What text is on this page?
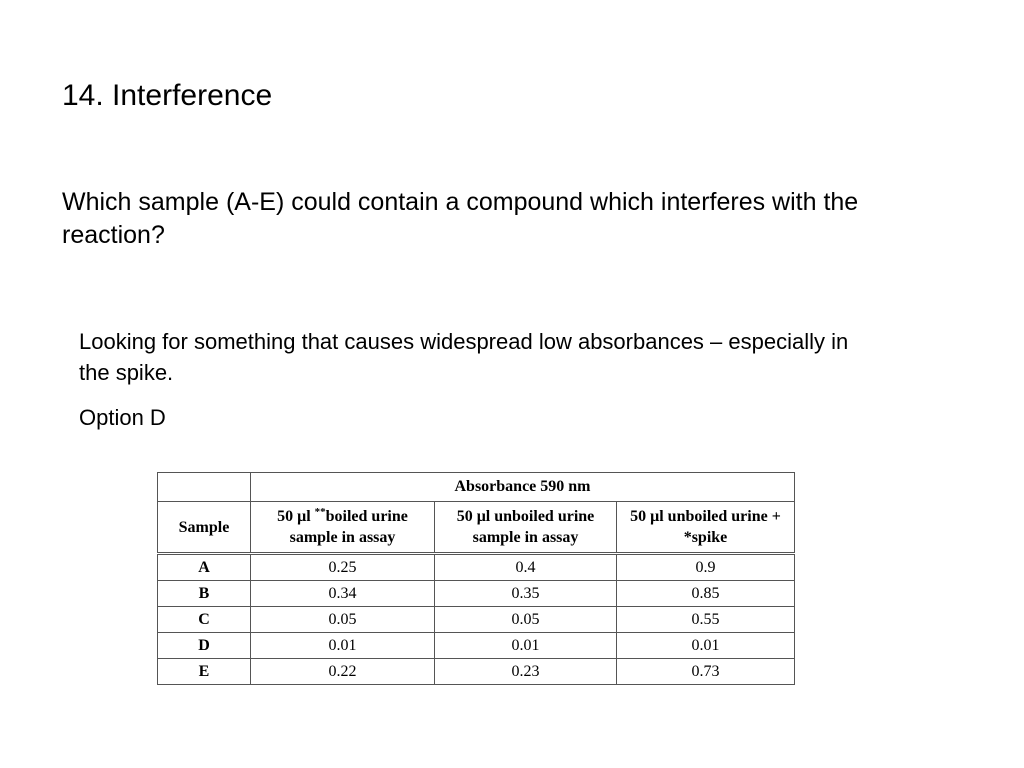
14. Interference

Which sample (A-E) could contain a compound which interferes with the reaction?

Looking for something that causes widespread low absorbances – especially in the spike.

Option D

	Absorbance 590 nm		
Sample	50 μl **boiled urine sample in assay	50 μl unboiled urine sample in assay	50 μl unboiled urine + *spike
A	0.25	0.4	0.9
B	0.34	0.35	0.85
C	0.05	0.05	0.55
D	0.01	0.01	0.01
E	0.22	0.23	0.73
